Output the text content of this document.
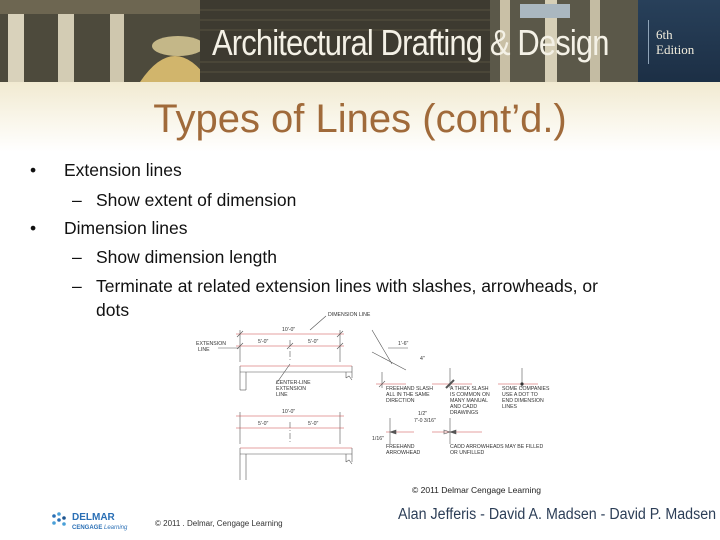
Architectural Drafting & Design	6th
Edition
Types of Lines (cont’d.)
• Extension lines
– Show extent of dimension
• Dimension lines
– Show dimension length
– Terminate at related extension lines with slashes, arrowheads, or
dots	DIMENSION LINE
EXTENSION
LINE
10'-0"
5'-0"	5'-0"
CENTER-LINE
EXTENSION
LINE
10'-0"
5'-0"	5'-0"
1'-6"
4"
FREEHAND SLASH
ALL IN THE SAME
DIRECTION
A THICK SLASH
IS COMMON ON
MANY MANUAL
AND CADD
DRAWINGS
SOME COMPANIES
USE A DOT TO
END DIMENSION
LINES
1/2"
7'-0 3/16"
1/16"
FREEHAND
ARROWHEAD
CADD ARROWHEADS MAY BE FILLED
OR UNFILLED
© 2011 Delmar Cengage Learning
DELMAR
CENGAGE Learning	© 2011 . Delmar, Cengage Learning
Alan Jefferis - David A. Madsen - David P. Madsen
